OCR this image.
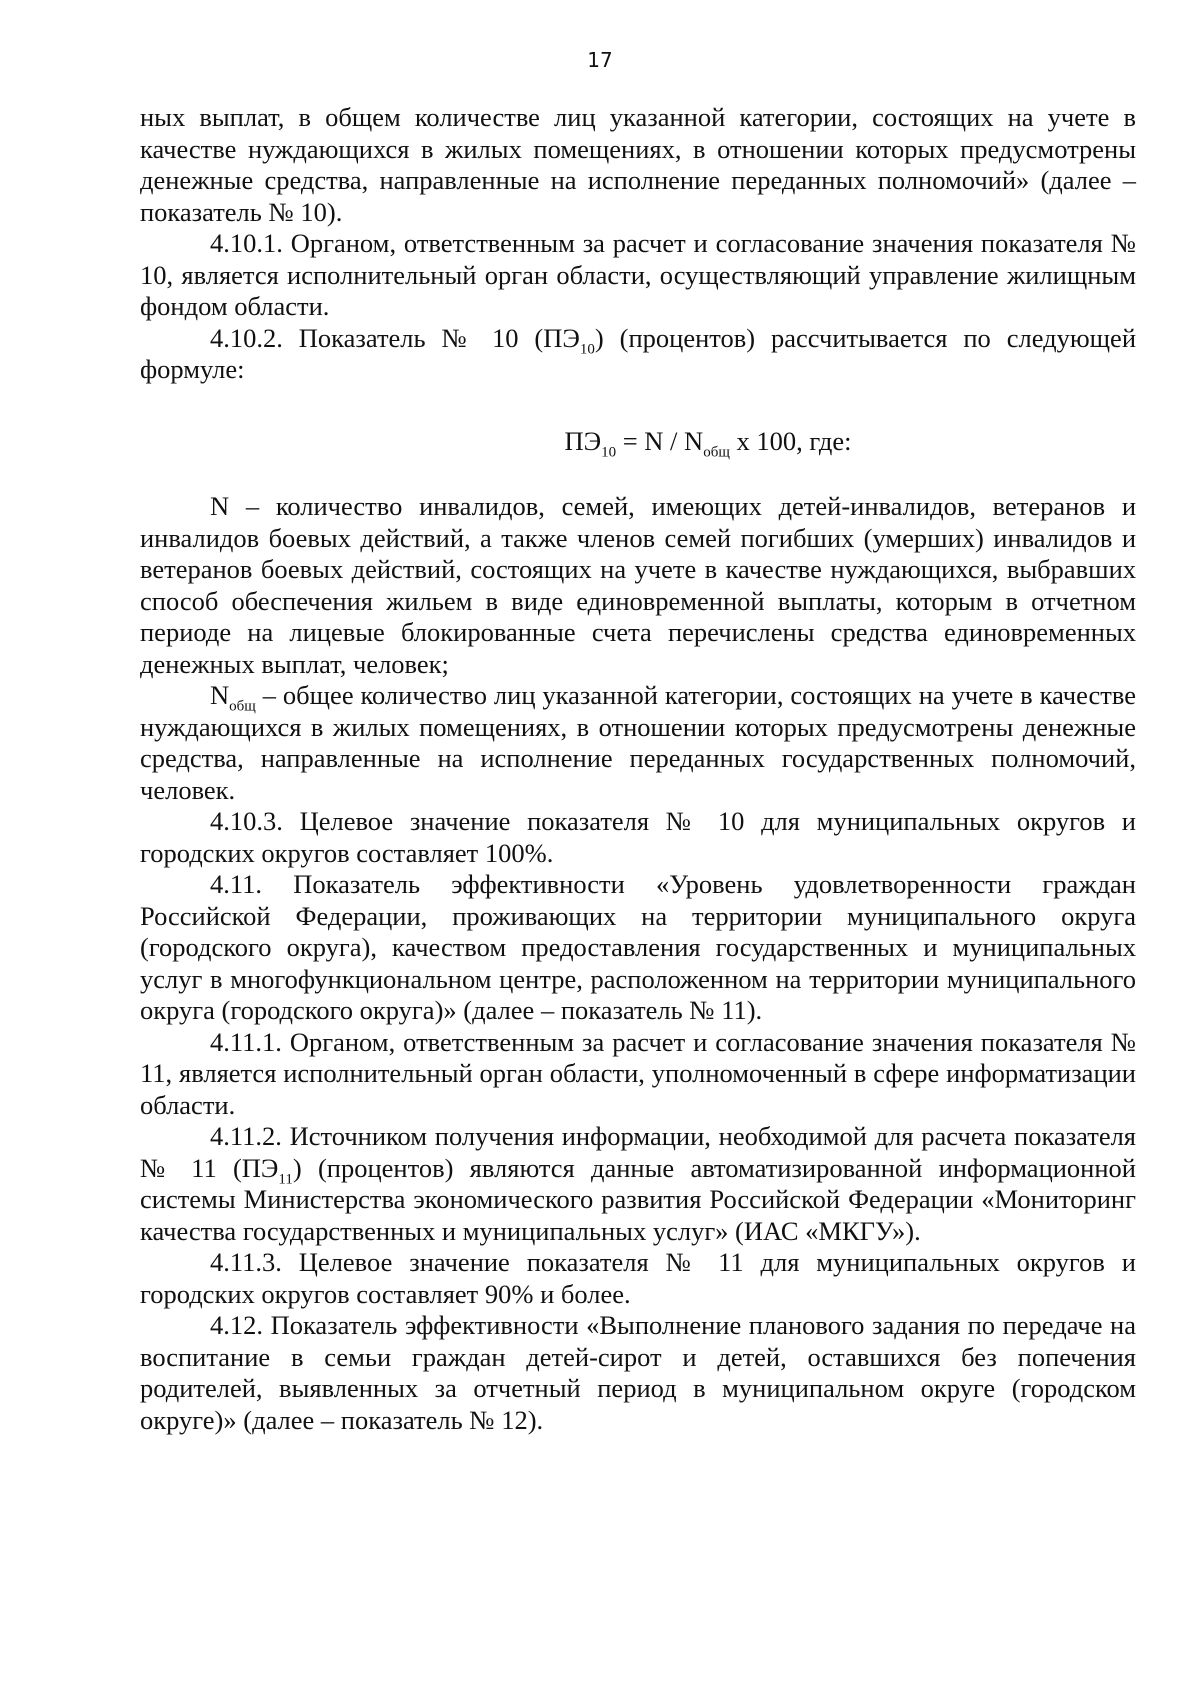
17

ных выплат, в общем количестве лиц указанной категории, состоящих на учете в качестве нуждающихся в жилых помещениях, в отношении которых предусмотрены денежные средства, направленные на исполнение переданных полномочий» (далее – показатель № 10).

4.10.1. Органом, ответственным за расчет и согласование значения показателя № 10, является исполнительный орган области, осуществляющий управление жилищным фондом области.

4.10.2. Показатель № 10 $(ПЭ_{10})$ (процентов) рассчитывается по следующей формуле:

$ПЭ_{10} = N / N_{общ}$ x 100, где:

N – количество инвалидов, семей, имеющих детей-инвалидов, ветеранов и инвалидов боевых действий, а также членов семей погибших (умерших) инвалидов и ветеранов боевых действий, состоящих на учете в качестве нуждающихся, выбравших способ обеспечения жильем в виде единовременной выплаты, которым в отчетном периоде на лицевые блокированные счета перечислены средства единовременных денежных выплат, человек;

$N_{общ}$ – общее количество лиц указанной категории, состоящих на учете в качестве нуждающихся в жилых помещениях, в отношении которых предусмотрены денежные средства, направленные на исполнение переданных государственных полномочий, человек.

4.10.3. Целевое значение показателя № 10 для муниципальных округов и городских округов составляет 100%.

4.11. Показатель эффективности «Уровень удовлетворенности граждан Российской Федерации, проживающих на территории муниципального округа (городского округа), качеством предоставления государственных и муниципальных услуг в многофункциональном центре, расположенном на территории муниципального округа (городского округа)» (далее – показатель № 11).

4.11.1. Органом, ответственным за расчет и согласование значения показателя № 11, является исполнительный орган области, уполномоченный в сфере информатизации области.

4.11.2. Источником получения информации, необходимой для расчета показателя № 11 $(ПЭ_{11})$ (процентов) являются данные автоматизированной информационной системы Министерства экономического развития Российской Федерации «Мониторинг качества государственных и муниципальных услуг» (ИАС «МКГУ»).

4.11.3. Целевое значение показателя № 11 для муниципальных округов и городских округов составляет 90% и более.

4.12. Показатель эффективности «Выполнение планового задания по передаче на воспитание в семьи граждан детей-сирот и детей, оставшихся без попечения родителей, выявленных за отчетный период в муниципальном округе (городском округе)» (далее – показатель № 12).
